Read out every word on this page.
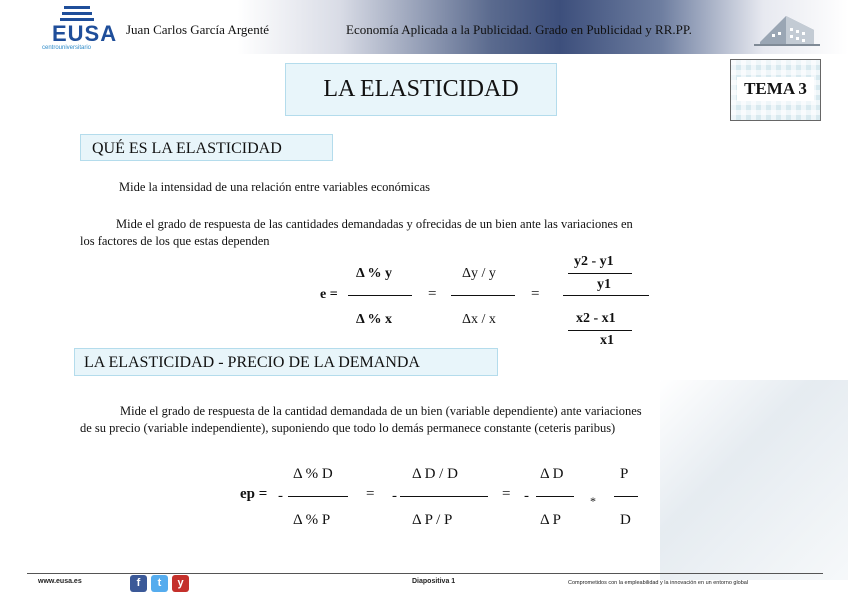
EUSA
centrouniversitario
Juan Carlos García Argenté	Economía Aplicada a la Publicidad. Grado en Publicidad y RR.PP.
LA ELASTICIDAD	TEMA 3
QUÉ ES LA ELASTICIDAD
Mide la intensidad de una relación entre variables económicas
Mide el grado de respuesta de las cantidades demandadas y ofrecidas de un bien ante las variaciones en
los factores de los que estas dependen
e =
Δ % y
Δ % x
=
Δy / y
Δx / x
=
y2 - y1
y1
x2 - x1
x1
LA ELASTICIDAD - PRECIO DE LA DEMANDA
Mide el grado de respuesta de la cantidad demandada de un bien (variable dependiente) ante variaciones
de su precio (variable independiente), suponiendo que todo lo demás permanece constante (ceteris paribus)
ep = -
Δ % D
Δ % P
= -
Δ D / D
Δ P / P
= -
Δ D
Δ P
*
P
D
www.eusa.es	f	t	y	Diapositiva 1	Comprometidos con la empleabilidad y la innovación en un entorno global
